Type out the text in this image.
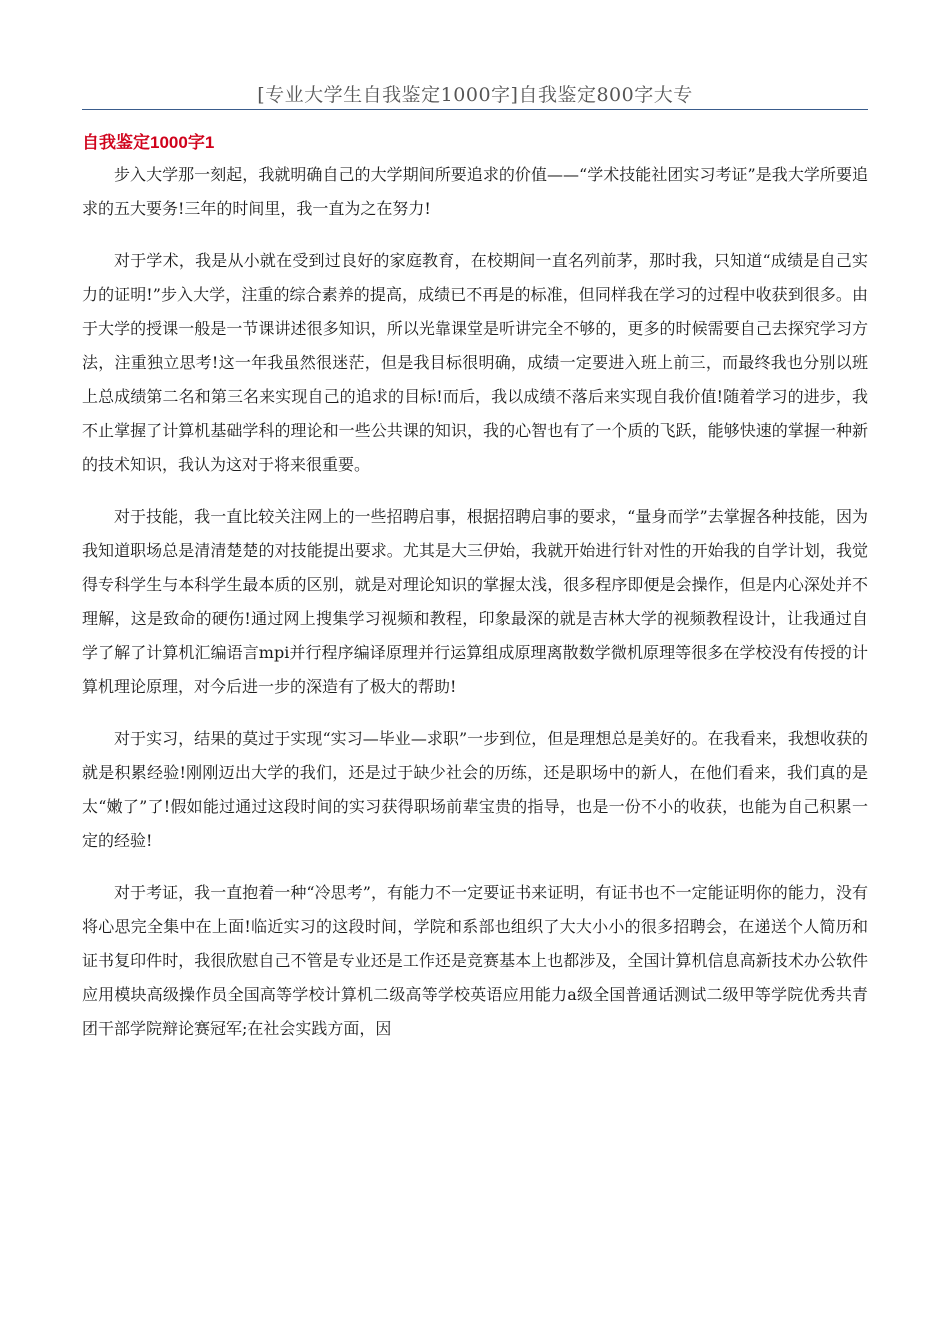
[专业大学生自我鉴定1000字]自我鉴定800字大专
自我鉴定1000字1

步入大学那一刻起，我就明确自己的大学期间所要追求的价值——“学术技能社团实习考证”是我大学所要追求的五大要务!三年的时间里，我一直为之在努力!

对于学术，我是从小就在受到过良好的家庭教育，在校期间一直名列前茅，那时我，只知道“成绩是自己实力的证明!”步入大学，注重的综合素养的提高，成绩已不再是的标准，但同样我在学习的过程中收获到很多。由于大学的授课一般是一节课讲述很多知识，所以光靠课堂是听讲完全不够的，更多的时候需要自己去探究学习方法，注重独立思考!这一年我虽然很迷茫，但是我目标很明确，成绩一定要进入班上前三，而最终我也分别以班上总成绩第二名和第三名来实现自己的追求的目标!而后，我以成绩不落后来实现自我价值!随着学习的进步，我不止掌握了计算机基础学科的理论和一些公共课的知识，我的心智也有了一个质的飞跃，能够快速的掌握一种新的技术知识，我认为这对于将来很重要。

对于技能，我一直比较关注网上的一些招聘启事，根据招聘启事的要求，“量身而学”去掌握各种技能，因为我知道职场总是清清楚楚的对技能提出要求。尤其是大三伊始，我就开始进行针对性的开始我的自学计划，我觉得专科学生与本科学生最本质的区别，就是对理论知识的掌握太浅，很多程序即便是会操作，但是内心深处并不理解，这是致命的硬伤!通过网上搜集学习视频和教程，印象最深的就是吉林大学的视频教程设计，让我通过自学了解了计算机汇编语言mpi并行程序编译原理并行运算组成原理离散数学微机原理等很多在学校没有传授的计算机理论原理，对今后进一步的深造有了极大的帮助!

对于实习，结果的莫过于实现“实习—毕业—求职”一步到位，但是理想总是美好的。在我看来，我想收获的就是积累经验!刚刚迈出大学的我们，还是过于缺少社会的历练，还是职场中的新人，在他们看来，我们真的是太“嫩了”了!假如能过通过这段时间的实习获得职场前辈宝贵的指导，也是一份不小的收获，也能为自己积累一定的经验!

对于考证，我一直抱着一种“冷思考”，有能力不一定要证书来证明，有证书也不一定能证明你的能力，没有将心思完全集中在上面!临近实习的这段时间，学院和系部也组织了大大小小的很多招聘会，在递送个人简历和证书复印件时，我很欣慰自己不管是专业还是工作还是竞赛基本上也都涉及，全国计算机信息高新技术办公软件应用模块高级操作员全国高等学校计算机二级高等学校英语应用能力a级全国普通话测试二级甲等学院优秀共青团干部学院辩论赛冠军;在社会实践方面，因
